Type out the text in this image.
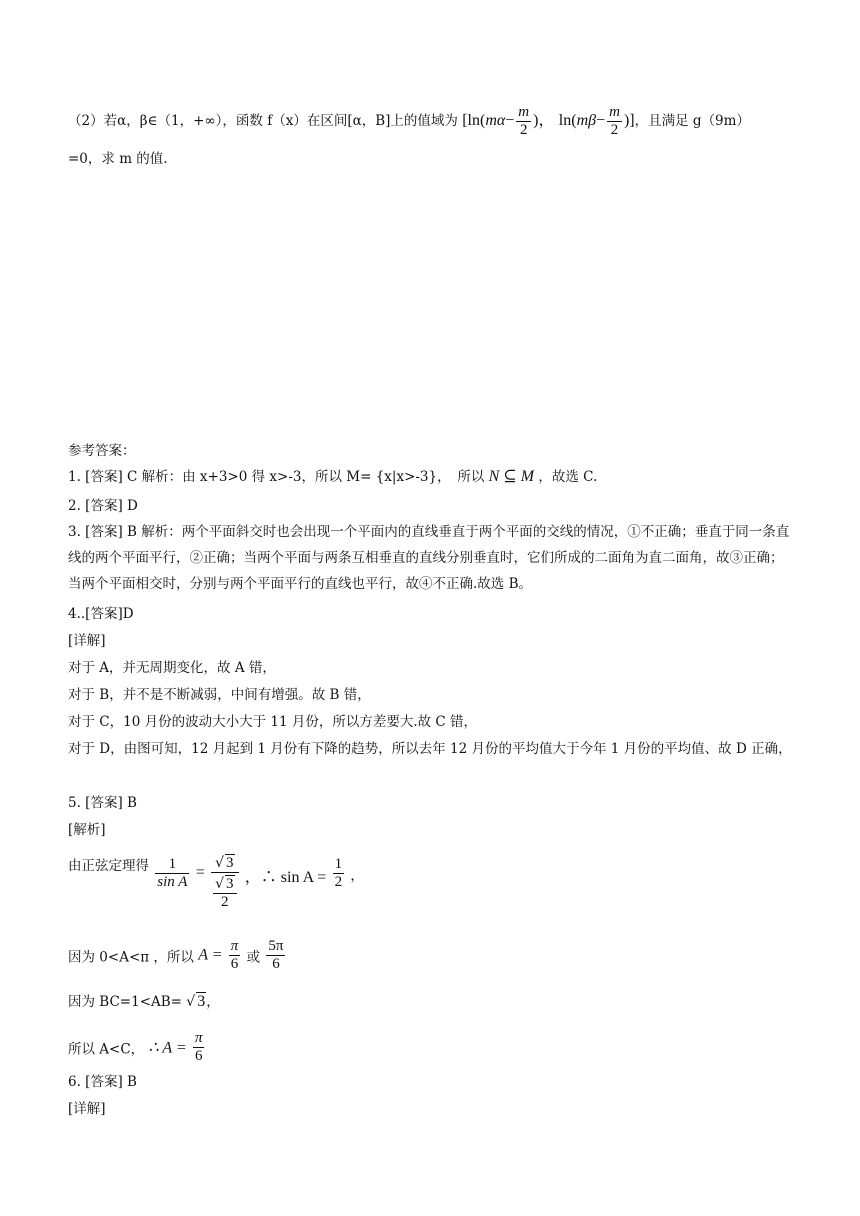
（2）若α，β∈（1，+∞），函数 f（x）在区间[α，B]上的值域为 [$\ln(m\alpha- \frac{m}{2}$ )， $\ln(m\beta- \frac{m}{2}$ )]，且满足 g（9m）
=0，求 m 的值.
参考答案：
1. [答案] C 解析：由 x+3>0 得 x>-3，所以 M= {x|x>-3}，　所以 N ⊆ M ，故选 C.
2. [答案] D
3. [答案] B 解析：两个平面斜交时也会出现一个平面内的直线垂直于两个平面的交线的情况，①不正确；垂直于同一条直线的两个平面平行，②正确；当两个平面与两条互相垂直的直线分别垂直时，它们所成的二面角为直二面角，故③正确；当两个平面相交时，分别与两个平面平行的直线也平行，故④不正确.故选 B。
4..[答案]D
[详解]
对于 A，并无周期变化，故 A 错，
对于 B，并不是不断减弱，中间有增强。故 B 错，
对于 C，10 月份的波动大小大于 11 月份，所以方差要大.故 C 错，
对于 D，由图可知，12 月起到 1 月份有下降的趋势，所以去年 12 月份的平均值大于今年 1 月份的平均值、故 D 正确，
5. [答案] B
[解析]
由正弦定理得 $\frac{1}{\text{sin A}} = \frac{√ 3}{\frac{√ 3}{2}}$ ，∴ $\sin A = \frac{1}{2}$ ，
因为 0<A<π ，所以 $A = \frac{\pi}{6}$ 或 $\frac{5\pi}{6}$
因为 BC=1<AB= √ 3，
所以 A<C， ∴ $A = \frac{\pi}{6}$
6. [答案] B
[详解]
